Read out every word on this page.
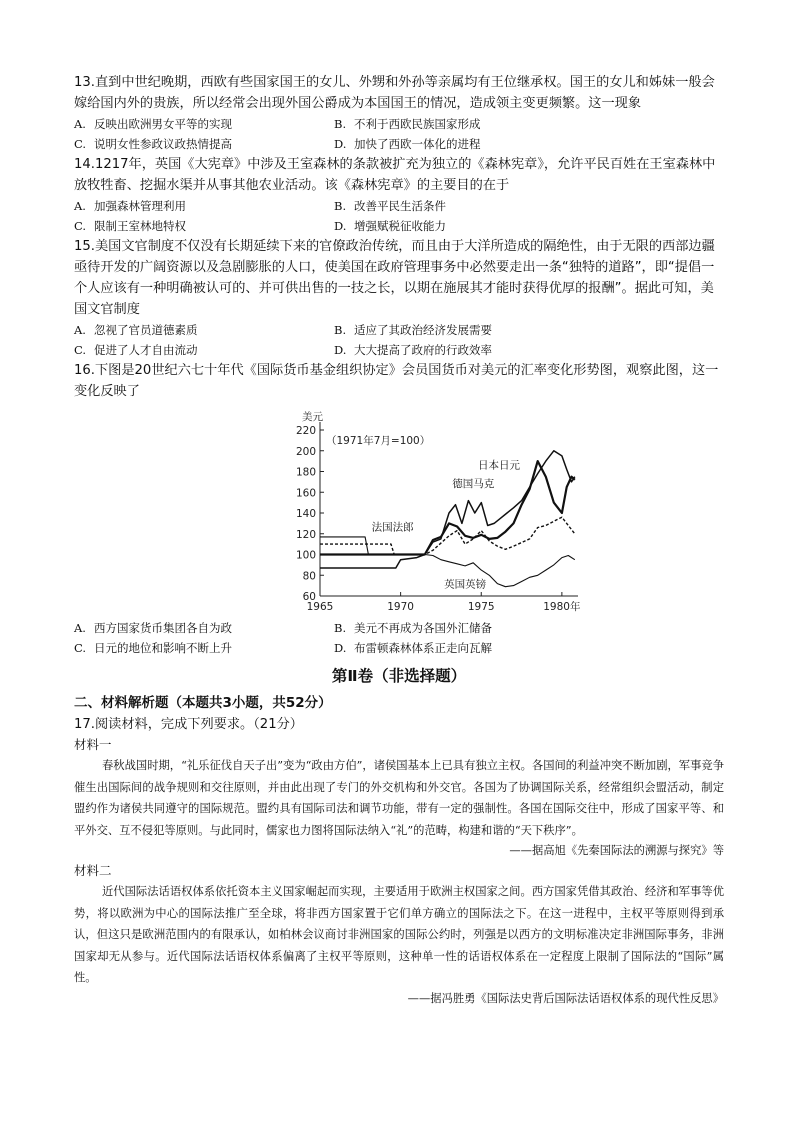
13.直到中世纪晚期，西欧有些国家国王的女儿、外甥和外孙等亲属均有王位继承权。国王的女儿和姊妹一般会嫁给国内外的贵族，所以经常会出现外国公爵成为本国国王的情况，造成领主变更频繁。这一现象

A. 反映出欧洲男女平等的实现	B. 不利于西欧民族国家形成
C. 说明女性参政议政热情提高	D. 加快了西欧一体化的进程

14.1217年，英国《大宪章》中涉及王室森林的条款被扩充为独立的《森林宪章》，允许平民百姓在王室森林中放牧牲畜、挖掘水渠并从事其他农业活动。该《森林宪章》的主要目的在于

A. 加强森林管理利用	B. 改善平民生活条件
C. 限制王室林地特权	D. 增强赋税征收能力

15.美国文官制度不仅没有长期延续下来的官僚政治传统，而且由于大洋所造成的隔绝性，由于无限的西部边疆亟待开发的广阔资源以及急剧膨胀的人口，使美国在政府管理事务中必然要走出一条“独特的道路”，即“提倡一个人应该有一种明确被认可的、并可供出售的一技之长，以期在施展其才能时获得优厚的报酬”。据此可知，美国文官制度

A. 忽视了官员道德素质	B. 适应了其政治经济发展需要
C. 促进了人才自由流动	D. 大大提高了政府的行政效率

16.下图是20世纪六七十年代《国际货币基金组织协定》会员国货币对美元的汇率变化形势图，观察此图，这一变化反映了

60
80
100
120
140
160
180
200
220
1965	1970	1975	1980年
美元
（1971年7月=100）
日本日元
德国马克
法国法郎
英国英镑
A. 西方国家货币集团各自为政	B. 美元不再成为各国外汇储备
C. 日元的地位和影响不断上升	D. 布雷顿森林体系正走向瓦解
第Ⅱ卷（非选择题）
二、材料解析题（本题共3小题，共52分）

17.阅读材料，完成下列要求。（21分）

材料一

春秋战国时期，“礼乐征伐自天子出”变为“政由方伯”，诸侯国基本上已具有独立主权。各国间的利益冲突不断加剧，军事竞争催生出国际间的战争规则和交往原则，并由此出现了专门的外交机构和外交官。各国为了协调国际关系，经常组织会盟活动，制定盟约作为诸侯共同遵守的国际规范。盟约具有国际司法和调节功能，带有一定的强制性。各国在国际交往中，形成了国家平等、和平外交、互不侵犯等原则。与此同时，儒家也力图将国际法纳入“礼”的范畴，构建和谐的“天下秩序”。

——据高旭《先秦国际法的溯源与探究》等
材料二

近代国际法话语权体系依托资本主义国家崛起而实现，主要适用于欧洲主权国家之间。西方国家凭借其政治、经济和军事等优势，将以欧洲为中心的国际法推广至全球，将非西方国家置于它们单方确立的国际法之下。在这一进程中，主权平等原则得到承认，但这只是欧洲范围内的有限承认，如柏林会议商讨非洲国家的国际公约时，列强是以西方的文明标准决定非洲国际事务，非洲国家却无从参与。近代国际法话语权体系偏离了主权平等原则，这种单一性的话语权体系在一定程度上限制了国际法的“国际”属性。

——据冯胜勇《国际法史背后国际法话语权体系的现代性反思》
